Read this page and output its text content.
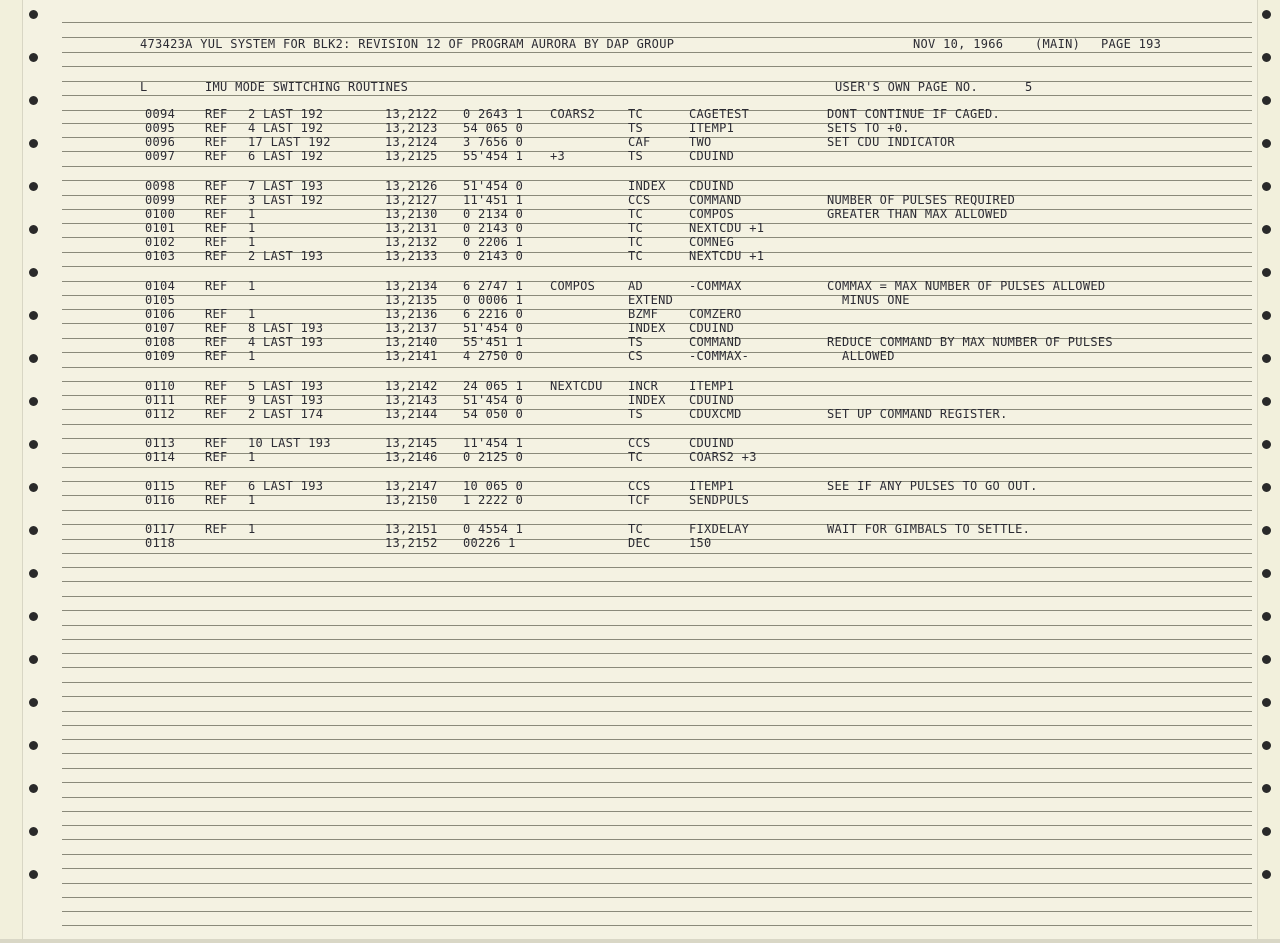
473423A YUL SYSTEM FOR BLK2: REVISION 12 OF PROGRAM AURORA BY DAP GROUP	NOV 10, 1966	(MAIN) PAGE 193
L	IMU MODE SWITCHING ROUTINES	USER'S OWN PAGE NO.	5
0094 REF 2 LAST 192	13,2122 0 2643 1 COARS2	TC	CAGETEST	DONT CONTINUE IF CAGED.
0095 REF 4 LAST 192	13,2123 54 065 0	TS	ITEMP1	SETS TO +0.
0096 REF 17 LAST 192	13,2124 3 7656 0	CAF	TWO	SET CDU INDICATOR
0097 REF 6 LAST 192	13,2125 55'454 1 +3	TS	CDUIND
0098 REF 7 LAST 193	13,2126 51'454 0	INDEX CDUIND
0099 REF 3 LAST 192	13,2127 11'451 1	CCS	COMMAND	NUMBER OF PULSES REQUIRED
0100 REF 1	13,2130 0 2134 0	TC	COMPOS	GREATER THAN MAX ALLOWED
0101 REF 1	13,2131 0 2143 0	TC	NEXTCDU +1
0102 REF 1	13,2132 0 2206 1	TC	COMNEG
0103 REF 2 LAST 193	13,2133 0 2143 0	TC	NEXTCDU +1
0104 REF 1	13,2134 6 2747 1 COMPOS	AD	-COMMAX	COMMAX = MAX NUMBER OF PULSES ALLOWED
0105	13,2135 0 0006 1	EXTEND	MINUS ONE
0106 REF 1	13,2136 6 2216 0	BZMF	COMZERO
0107 REF 8 LAST 193	13,2137 51'454 0	INDEX CDUIND
0108 REF 4 LAST 193	13,2140 55'451 1	TS	COMMAND	REDUCE COMMAND BY MAX NUMBER OF PULSES
0109 REF 1	13,2141 4 2750 0	CS	-COMMAX-	ALLOWED
0110 REF 5 LAST 193	13,2142 24 065 1 NEXTCDU INCR	ITEMP1
0111 REF 9 LAST 193	13,2143 51'454 0	INDEX CDUIND
0112 REF 2 LAST 174	13,2144 54 050 0	TS	CDUXCMD	SET UP COMMAND REGISTER.
0113 REF 10 LAST 193	13,2145 11'454 1	CCS	CDUIND
0114 REF 1	13,2146 0 2125 0	TC	COARS2 +3
0115 REF 6 LAST 193	13,2147 10 065 0	CCS	ITEMP1	SEE IF ANY PULSES TO GO OUT.
0116 REF 1	13,2150 1 2222 0	TCF	SENDPULS
0117 REF 1	13,2151 0 4554 1	TC	FIXDELAY	WAIT FOR GIMBALS TO SETTLE.
0118	13,2152 00226 1	DEC	150
